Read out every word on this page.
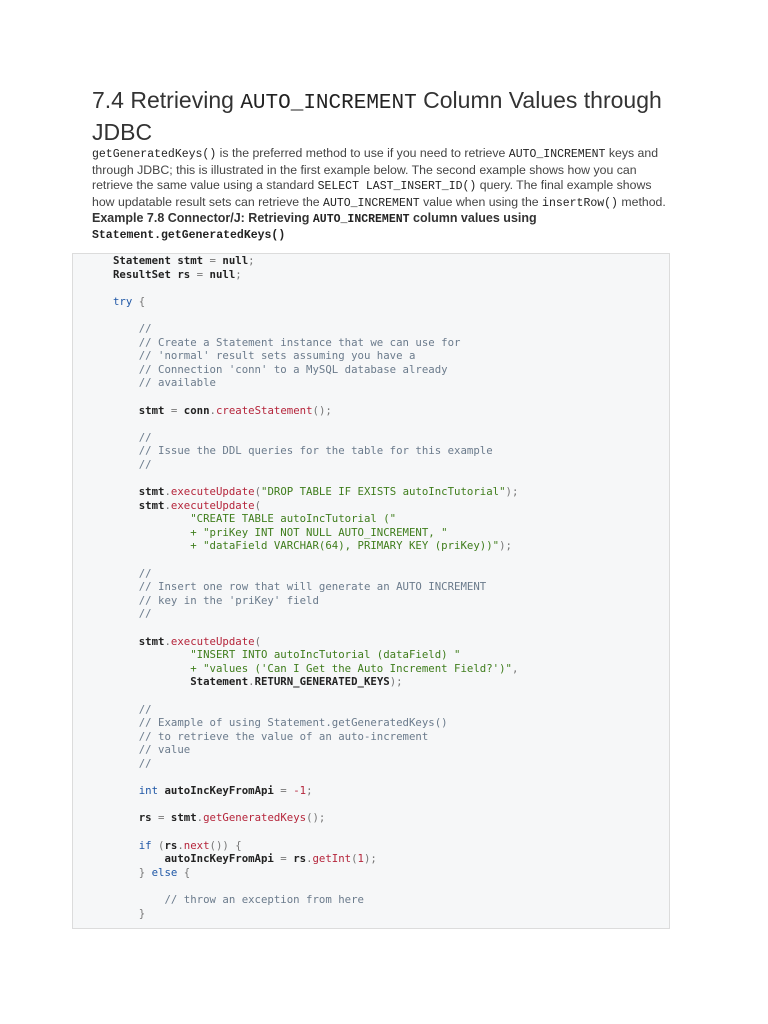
7.4 Retrieving AUTO_INCREMENT Column Values through JDBC

getGeneratedKeys() is the preferred method to use if you need to retrieve AUTO_INCREMENT keys and through JDBC; this is illustrated in the first example below. The second example shows how you can retrieve the same value using a standard SELECT LAST_INSERT_ID() query. The final example shows how updatable result sets can retrieve the AUTO_INCREMENT value when using the insertRow() method.

Example 7.8 Connector/J: Retrieving AUTO_INCREMENT column values using Statement.getGeneratedKeys()

Statement stmt = null;
ResultSet rs = null;

try {

//
// Create a Statement instance that we can use for
// 'normal' result sets assuming you have a
// Connection 'conn' to a MySQL database already
// available

stmt = conn.createStatement();

//
// Issue the DDL queries for the table for this example
//

stmt.executeUpdate("DROP TABLE IF EXISTS autoIncTutorial");
stmt.executeUpdate(
"CREATE TABLE autoIncTutorial ("
+ "priKey INT NOT NULL AUTO_INCREMENT, "
+ "dataField VARCHAR(64), PRIMARY KEY (priKey))");

//
// Insert one row that will generate an AUTO INCREMENT
// key in the 'priKey' field
//

stmt.executeUpdate(
"INSERT INTO autoIncTutorial (dataField) "
+ "values ('Can I Get the Auto Increment Field?')",
Statement.RETURN_GENERATED_KEYS);

//
// Example of using Statement.getGeneratedKeys()
// to retrieve the value of an auto-increment
// value
//

int autoIncKeyFromApi = -1;

rs = stmt.getGeneratedKeys();

if (rs.next()) {
autoIncKeyFromApi = rs.getInt(1);
} else {

// throw an exception from here
}
